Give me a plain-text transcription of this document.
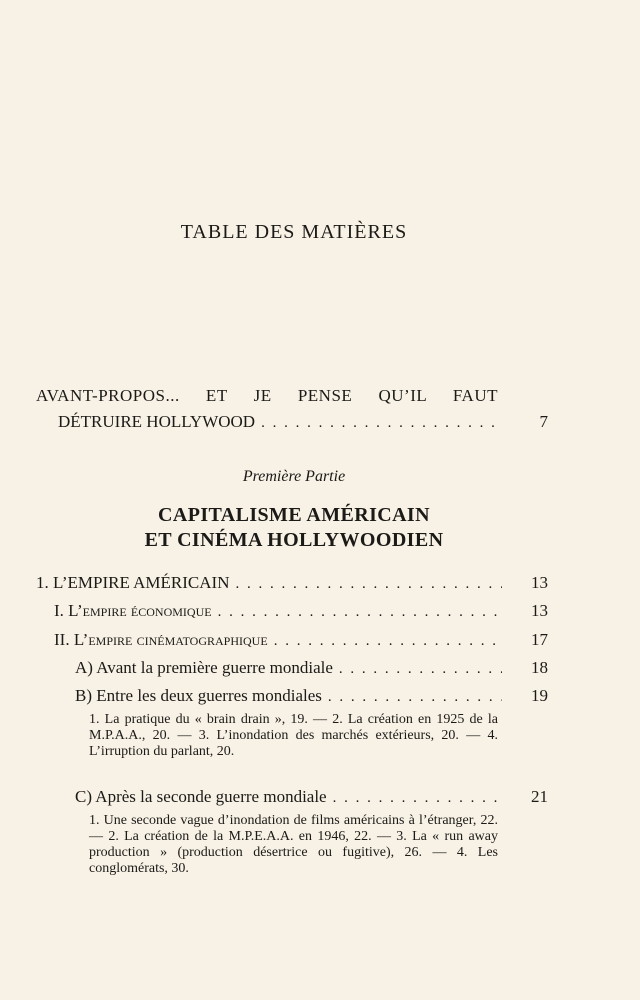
TABLE DES MATIÈRES
AVANT-PROPOS... ET JE PENSE QU’IL FAUT
DÉTRUIRE HOLLYWOOD . . .	7
Première Partie
CAPITALISME AMÉRICAIN
ET CINÉMA HOLLYWOODIEN
1. L’EMPIRE AMÉRICAIN . . .	13
I. L’empire économique . . .	13
II. L’empire cinématographique . . .	17
A) Avant la première guerre mondiale . . .	18
B) Entre les deux guerres mondiales . . .	19
1. La pratique du « brain drain », 19. — 2. La création en 1925 de la M.P.A.A., 20. — 3. L’inondation des marchés extérieurs, 20. — 4. L’irruption du parlant, 20.
C) Après la seconde guerre mondiale . . .	21
1. Une seconde vague d’inondation de films américains à l’étranger, 22. — 2. La création de la M.P.E.A.A. en 1946, 22. — 3. La « run away production » (production désertrice ou fugitive), 26. — 4. Les conglomérats, 30.
